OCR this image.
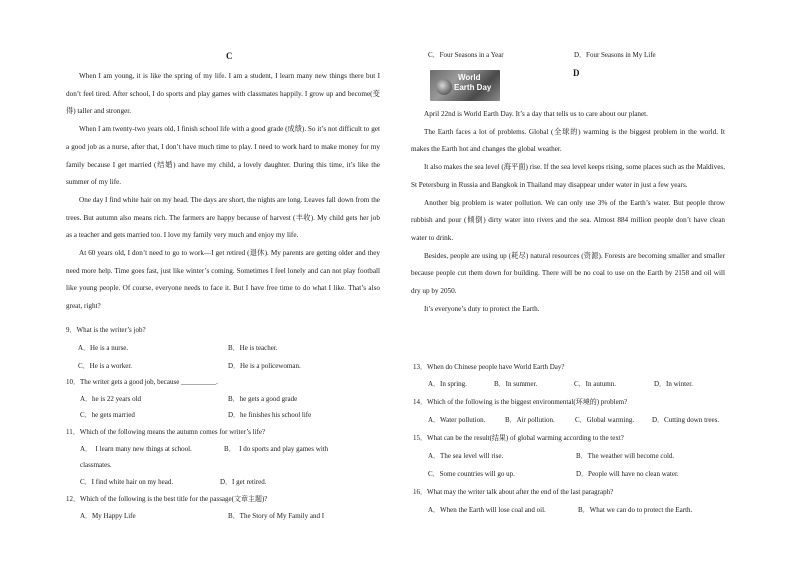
C

When I am young, it is like the spring of my life. I am a student, I learn many new things there but I don’t feel tired. After school, I do sports and play games with classmates happily. I grow up and become(变得) taller and stronger.

When I am twenty-two years old, I finish school life with a good grade (成绩). So it’s not difficult to get a good job as a nurse, after that, I don’t have much time to play. I need to work hard to make money for my family because I get married (结婚) and have my child, a lovely daughter. During this time, it’s like the summer of my life.

One day I find white hair on my head. The days are short, the nights are long. Leaves fall down from the trees. But autumn also means rich. The farmers are happy because of harvest (丰收). My child gets her job as a teacher and gets married too. I love my family very much and enjoy my life.

At 60 years old, I don’t need to go to work—I get retired (退休). My parents are getting older and they need more help. Time goes fast, just like winter’s coming. Sometimes I feel lonely and can not play football like young people. Of course, everyone needs to face it. But I have free time to do what I like. That’s also great, right?

9．What is the writer’s job?
A．He is a nurse.	B．He is teacher.
C．He is a worker.	D．He is a policewoman.
10．The writer gets a good job, because __________.
A．he is 22 years old	B．he gets a good grade
C．he gets married	D．he finishes his school life
11．Which of the following means the autumn comes for writer’s life?
A．　I learn many new things at school.	B．　I do sports and play games with
classmates.
C．I find white hair on my head.	D．I get retired.
12．Which of the following is the best title for the passage(文章主题)?
A．My Happy Life	B．The Story of My Family and I
C．Four Seasons in a Year	D．Four Seasons in My Life
D
World
Earth Day

April 22nd is World Earth Day. It’s a day that tells us to care about our planet.

The Earth faces a lot of problems. Global (全球的) warming is the biggest problem in the world. It makes the Earth hot and changes the global weather.

It also makes the sea level (海平面) rise. If the sea level keeps rising, some places such as the Maldives, St Petersburg in Russia and Bangkok in Thailand may disappear under water in just a few years.

Another big problem is water pollution. We can only use 3% of the Earth’s water. But people throw rubbish and pour (倾倒) dirty water into rivers and the sea. Almost 884 million people don’t have clean water to drink.

Besides, people are using up (耗尽) natural resources (资源). Forests are becoming smaller and smaller because people cut them down for building. There will be no coal to use on the Earth by 2158 and oil will dry up by 2050.

It’s everyone’s duty to protect the Earth.

13．When do Chinese people have World Earth Day?
A．In spring.	B．In summer.	C．In autumn.	D．In winter.
14．Which of the following is the biggest environmental(环境的) problem?
A．Water pollution.	B．Air pollution.	C．Global warming.	D．Cutting down trees.
15．What can be the result(结果) of global warming according to the text?
A．The sea level will rise.	B．The weather will become cold.
C．Some countries will go up.	D．People will have no clean water.
16．What may the writer talk about after the end of the last paragraph?
A．When the Earth will lose coal and oil.	B．What we can do to protect the Earth.
